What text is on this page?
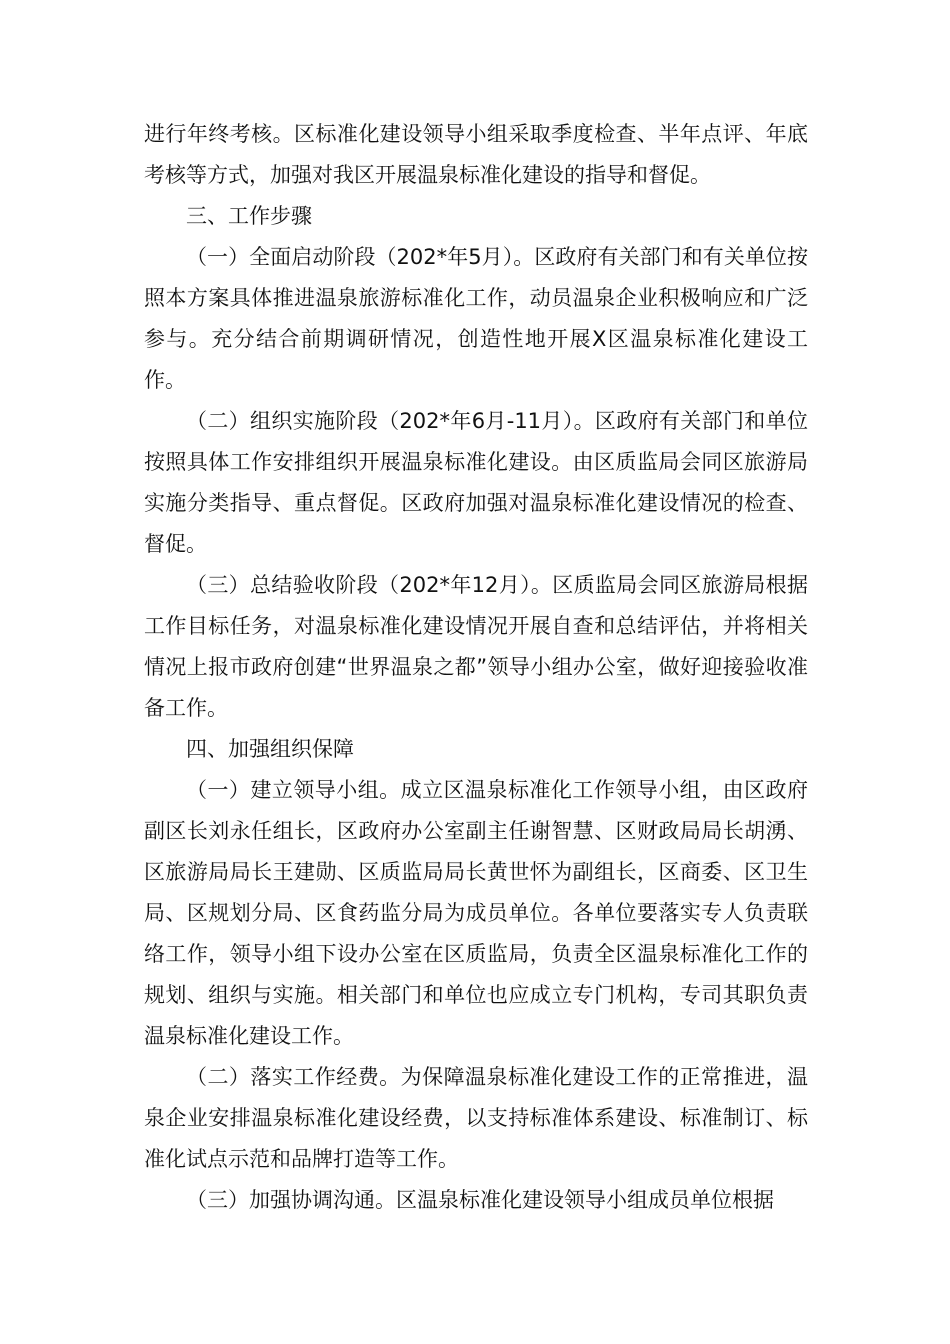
进行年终考核。区标准化建设领导小组采取季度检查、半年点评、年底考核等方式，加强对我区开展温泉标准化建设的指导和督促。

三、工作步骤

（一）全面启动阶段（202*年5月）。区政府有关部门和有关单位按照本方案具体推进温泉旅游标准化工作，动员温泉企业积极响应和广泛参与。充分结合前期调研情况，创造性地开展X区温泉标准化建设工作。

（二）组织实施阶段（202*年6月-11月）。区政府有关部门和单位按照具体工作安排组织开展温泉标准化建设。由区质监局会同区旅游局实施分类指导、重点督促。区政府加强对温泉标准化建设情况的检查、督促。

（三）总结验收阶段（202*年12月）。区质监局会同区旅游局根据工作目标任务，对温泉标准化建设情况开展自查和总结评估，并将相关情况上报市政府创建“世界温泉之都”领导小组办公室，做好迎接验收准备工作。

四、加强组织保障

（一）建立领导小组。成立区温泉标准化工作领导小组，由区政府副区长刘永任组长，区政府办公室副主任谢智慧、区财政局局长胡湧、区旅游局局长王建勋、区质监局局长黄世怀为副组长，区商委、区卫生局、区规划分局、区食药监分局为成员单位。各单位要落实专人负责联络工作，领导小组下设办公室在区质监局，负责全区温泉标准化工作的规划、组织与实施。相关部门和单位也应成立专门机构，专司其职负责温泉标准化建设工作。

（二）落实工作经费。为保障温泉标准化建设工作的正常推进，温泉企业安排温泉标准化建设经费，以支持标准体系建设、标准制订、标准化试点示范和品牌打造等工作。

（三）加强协调沟通。区温泉标准化建设领导小组成员单位根据
